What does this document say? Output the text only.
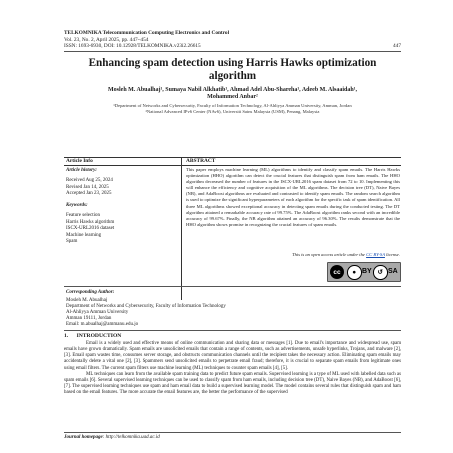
TELKOMNIKA Telecommunication Computing Electronics and Control
Vol. 23, No. 2, April 2025, pp. 447~454
ISSN: 1693-6930, DOI: 10.12928/TELKOMNIKA.v23i2.26615	447
Enhancing spam detection using Harris Hawks optimization
algorithm
Mosleh M. Abualhaj¹, Sumaya Nabil Alkhatib¹, Ahmad Adel Abu-Shareha¹, Adeeb M. Alsaaidah¹,
Mohammed Anbar²
¹Department of Networks and Cybersecurity, Faculty of Information Technology, Al-Ahliyya Amman University, Amman, Jordan
²National Advanced IPv6 Center (NAv6), Universiti Sains Malaysia (USM), Penang, Malaysia
Article Info	ABSTRACT
Article history:
Received Aug 25, 2024
Revised Jan 14, 2025
Accepted Jan 23, 2025
Keywords:
Feature selection
Harris Hawks algorithm
ISCX-URL2016 dataset
Machine learning
Spam
This paper employs machine learning (ML) algorithms to identify and classify spam emails. The Harris Hawks optimization (HHO) algorithm can detect the crucial features that distinguish spam from ham emails. The HHO algorithm decreased the number of features in the ISCX-URL2016 spam dataset from 72 to 10. Implementing this will enhance the efficiency and cognitive acquisition of the ML algorithms. The decision tree (DT), Naive Bayes (NB), and AdaBoost algorithms are evaluated and contrasted to identify spam emails. The random search algorithm is used to optimize the significant hyperparameters of each algorithm for the specific task of spam identification. All three ML algorithms showed exceptional accuracy in detecting spam emails during the conducted testing. The DT algorithm attained a remarkable accuracy rate of 99.75%. The AdaBoost algorithm ranks second with an incredible accuracy of 99.67%. Finally, the NB algorithm attained an accuracy of 96.30%. The results demonstrate that the HHO algorithm shows promise in recognizing the crucial features of spam emails.
This is an open access article under the CC BY-SA license.
cc	● BY ↺ SA
Corresponding Author:
Mosleh M. Abualhaj
Department of Networks and Cybersecurity, Faculty of Information Technology
Al-Ahliyya Amman University
Amman 19111, Jordan
Email: m.abualhaj@ammanu.edu.jo
1.      INTRODUCTION

Email is a widely used and effective means of online communication and sharing data or messages [1]. Due to email's importance and widespread use, spam emails have grown dramatically. Spam emails are unsolicited emails that contain a range of contents, such as advertisements, unsafe hyperlinks, Trojans, and malware [2], [3]. Email spam wastes time, consumes server storage, and obstructs communication channels until the recipient takes the necessary action. Eliminating spam emails may accidentally delete a vital one [2], [3]. Spammers send unsolicited emails to perpetrate email fraud; therefore, it is crucial to separate spam emails from legitimate ones using email filters. The current spam filters use machine learning (ML) techniques to counter spam emails [4], [5].

ML techniques can learn from the available spam training data to predict future spam emails. Supervised learning is a type of ML used with labelled data such as spam emails [6]. Several supervised learning techniques can be used to classify spam from ham emails, including decision tree (DT), Naive Bayes (NB), and AdaBoost [6], [7]. The supervised learning techniques use spam and ham email data to build a supervised learning model. The model contains several rules that distinguish spam and ham based on the email features. The more accurate the email features are, the better the performance of the supervised

Journal homepage: http://telkomnika.uad.ac.id
